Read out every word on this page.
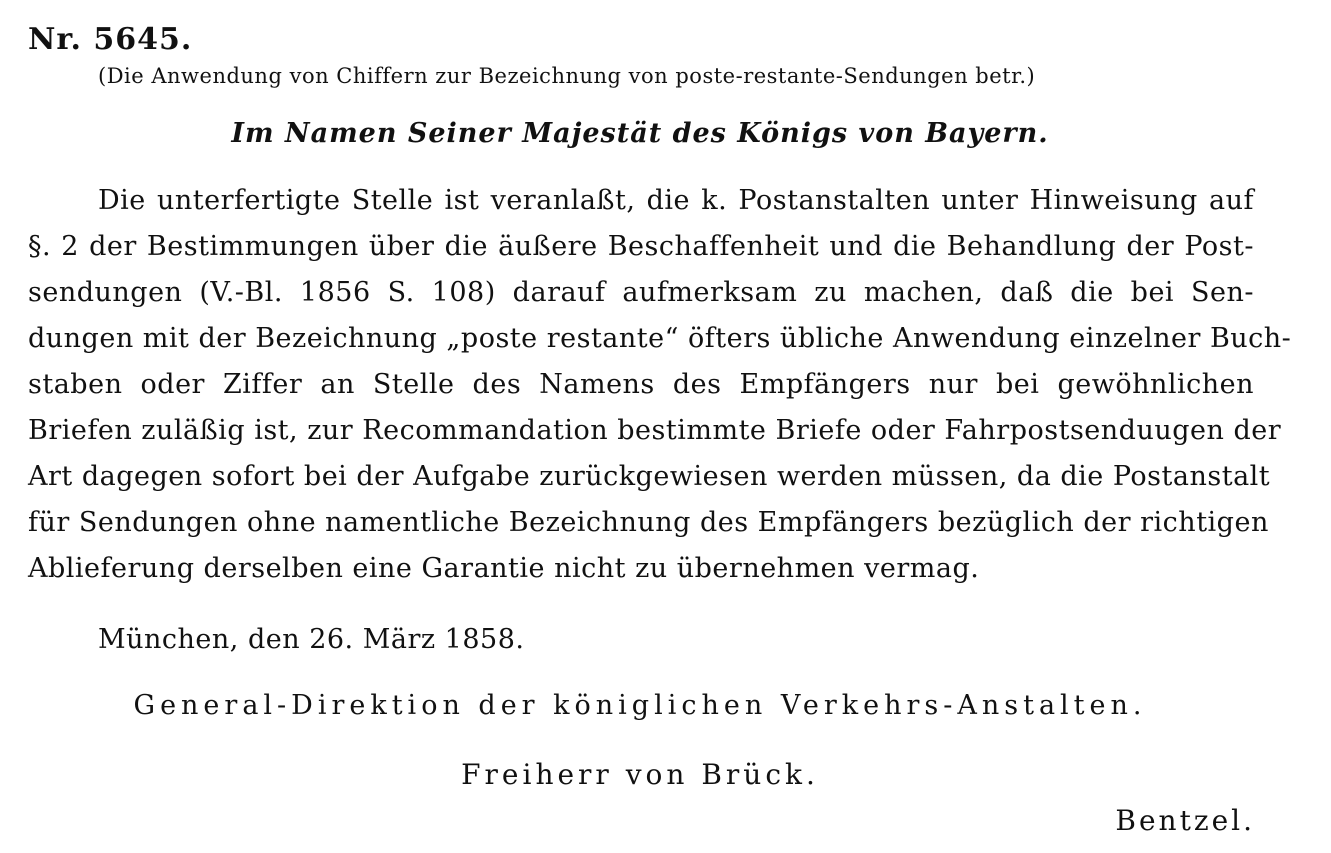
Nr. 5645.
(Die Anwendung von Chiffern zur Bezeichnung von poste-restante-Sendungen betr.)
Im Namen Seiner Majestät des Königs von Bayern.
Die unterfertigte Stelle ist veranlaßt, die k. Postanstalten unter Hinweisung auf
§. 2 der Bestimmungen über die äußere Beschaffenheit und die Behandlung der Post-
sendungen (V.-Bl. 1856 S. 108) darauf aufmerksam zu machen, daß die bei Sen-
dungen mit der Bezeichnung „poste restante“ öfters übliche Anwendung einzelner Buch-
staben oder Ziffer an Stelle des Namens des Empfängers nur bei gewöhnlichen
Briefen zuläßig ist, zur Recommandation bestimmte Briefe oder Fahrpostsenduugen der
Art dagegen sofort bei der Aufgabe zurückgewiesen werden müssen, da die Postanstalt
für Sendungen ohne namentliche Bezeichnung des Empfängers bezüglich der richtigen
Ablieferung derselben eine Garantie nicht zu übernehmen vermag.
München, den 26. März 1858.
General-Direktion der königlichen Verkehrs-Anstalten.
Freiherr von Brück.
Bentzel.
